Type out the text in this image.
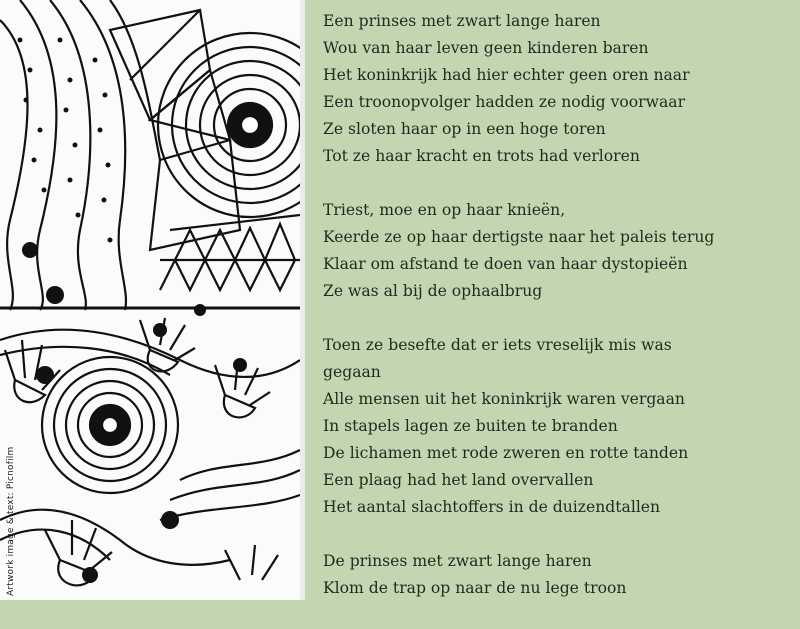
Artwork image & text: Picnofilm
Een prinses met zwart lange haren
Wou van haar leven geen kinderen baren
Het koninkrijk had hier echter geen oren naar
Een troonopvolger hadden ze nodig voorwaar
Ze sloten haar op in een hoge toren
Tot ze haar kracht en trots had verloren
Triest, moe en op haar knieën,
Keerde ze op haar dertigste naar het paleis terug
Klaar om afstand te doen van haar dystopieën
Ze was al bij de ophaalbrug
Toen ze besefte dat er iets vreselijk mis was gegaan
Alle mensen uit het koninkrijk waren vergaan
In stapels lagen ze buiten te branden
De lichamen met rode zweren en rotte tanden
Een plaag had het land overvallen
Het aantal slachtoffers in de duizendtallen
De prinses met zwart lange haren
Klom de trap op naar de nu lege troon
